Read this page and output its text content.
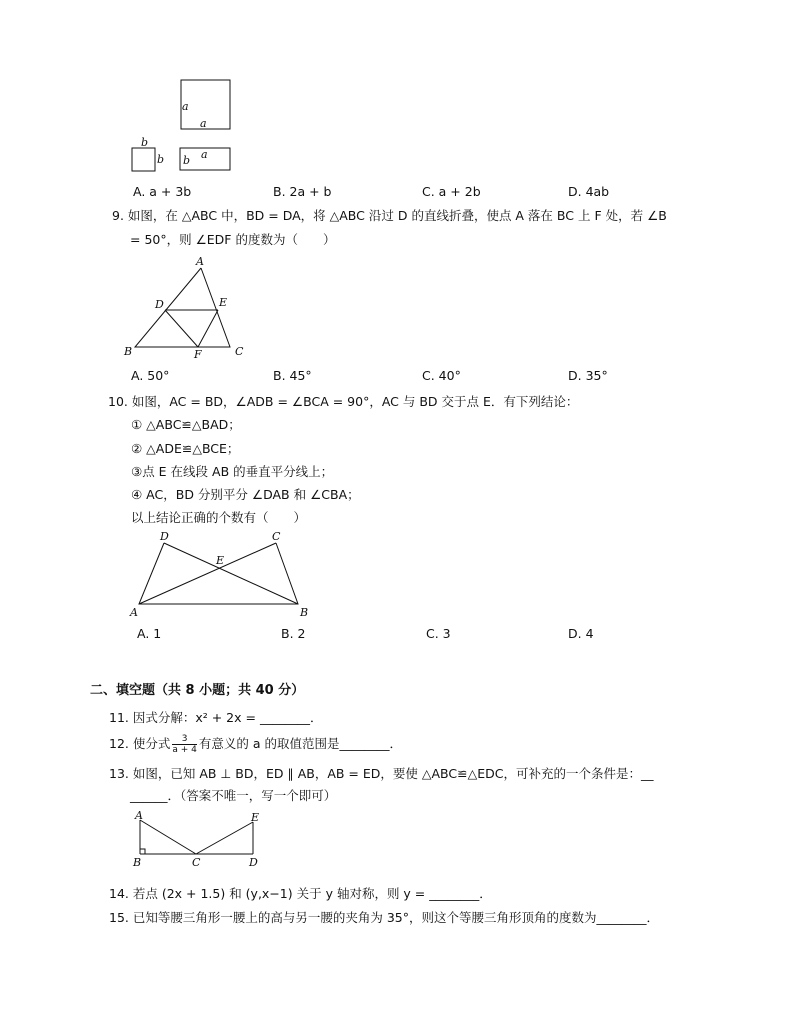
a
a
b
b b a
A. a + 3b	B. 2a + b	C. a + 2b	D. 4ab
9. 如图，在 △ABC 中，BD = DA，将 △ABC 沿过 D 的直线折叠，使点 A 落在 BC 上 F 处，若 ∠B
= 50°，则 ∠EDF 的度数为（　　）
A
D	E
B	F	C
A. 50°	B. 45°	C. 40°	D. 35°
10. 如图，AC = BD，∠ADB = ∠BCA = 90°，AC 与 BD 交于点 E．有下列结论：
① △ABC≌△BAD；
② △ADE≌△BCE；
③点 E 在线段 AB 的垂直平分线上；
④ AC，BD 分别平分 ∠DAB 和 ∠CBA；
以上结论正确的个数有（　　）
D	C
E
A	B
A. 1	B. 2	C. 3	D. 4
二、填空题（共 8 小题；共 40 分）
11. 因式分解：x² + 2x = ________．
12. 使分式 $\frac{3}{a + 4}$ 有意义的 a 的取值范围是________．
13. 如图，已知 AB ⊥ BD，ED ∥ AB，AB = ED，要使 △ABC≌△EDC，可补充的一个条件是：__
______．（答案不唯一，写一个即可）
A	E
B	C	D
14. 若点 (2x + 1.5) 和 (y,x−1) 关于 y 轴对称，则 y = ________．
15. 已知等腰三角形一腰上的高与另一腰的夹角为 35°，则这个等腰三角形顶角的度数为________．
